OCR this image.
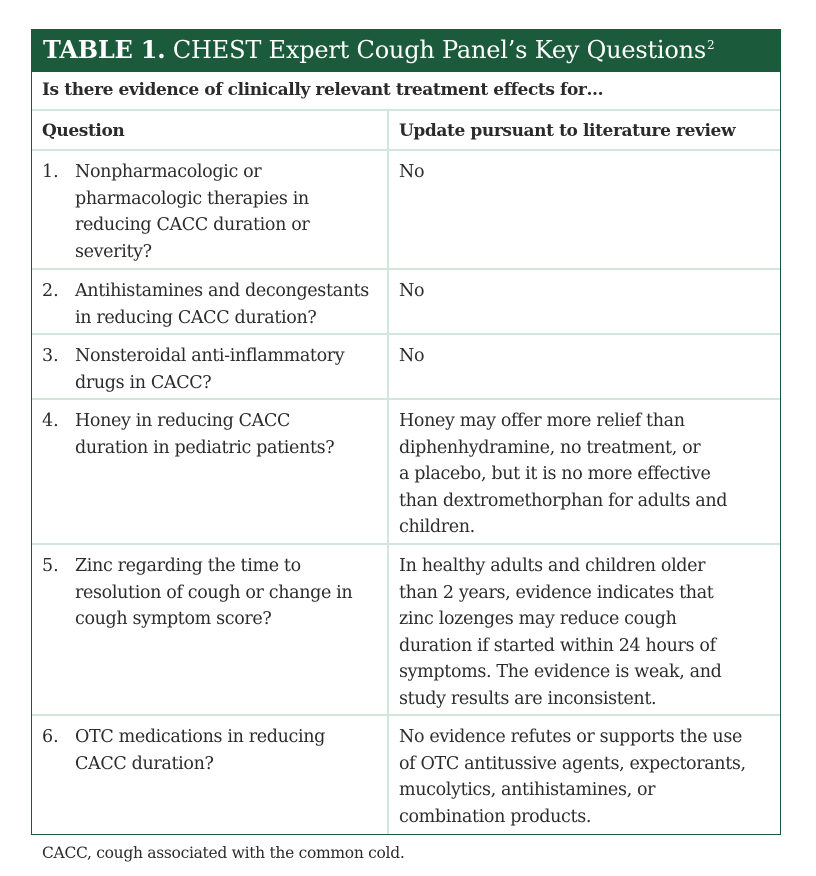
TABLE 1. CHEST Expert Cough Panel’s Key Questions$^2$
Is there evidence of clinically relevant treatment effects for…
Question	Update pursuant to literature review
1. Nonpharmacologic or
pharmacologic therapies in
reducing CACC duration or
severity?
No
2. Antihistamines and decongestants
in reducing CACC duration?
No
3. Nonsteroidal anti-inflammatory
drugs in CACC?
No
4. Honey in reducing CACC
duration in pediatric patients?
Honey may offer more relief than
diphenhydramine, no treatment, or
a placebo, but it is no more effective
than dextromethorphan for adults and
children.
5. Zinc regarding the time to
resolution of cough or change in
cough symptom score?
In healthy adults and children older
than 2 years, evidence indicates that
zinc lozenges may reduce cough
duration if started within 24 hours of
symptoms. The evidence is weak, and
study results are inconsistent.
6. OTC medications in reducing
CACC duration?
No evidence refutes or supports the use
of OTC antitussive agents, expectorants,
mucolytics, antihistamines, or
combination products.
CACC, cough associated with the common cold.
